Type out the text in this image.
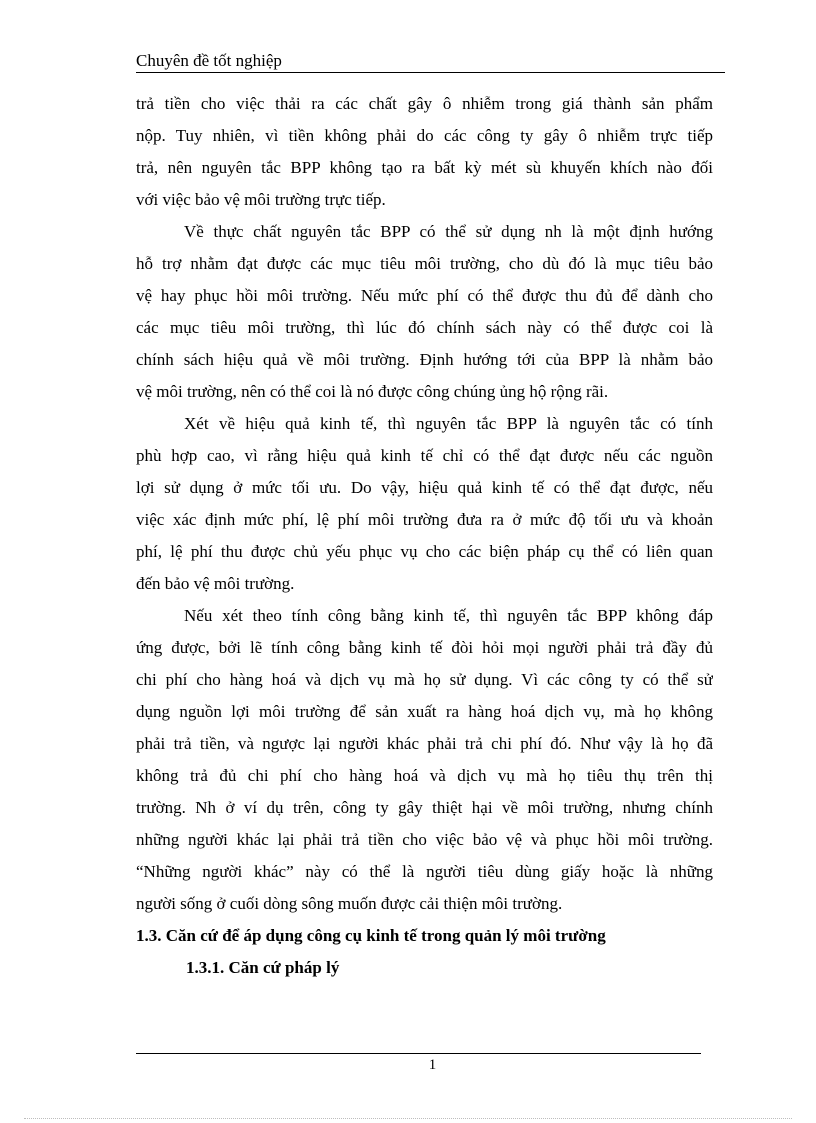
Chuyên đề tốt nghiệp
trả tiền cho việc thải ra các chất gây ô nhiễm trong giá thành sản phẩm
nộp. Tuy nhiên, vì tiền không phải do các công ty gây ô nhiễm trực tiếp
trả, nên nguyên tắc BPP không tạo ra bất kỳ mét sù khuyến khích nào đối
với việc bảo vệ môi trường trực tiếp.
Về thực chất nguyên tắc BPP có thể sử dụng nh là một định hướng
hỗ trợ nhằm đạt được các mục tiêu môi trường, cho dù đó là mục tiêu bảo
vệ hay phục hồi môi trường. Nếu mức phí có thể được thu đủ để dành cho
các mục tiêu môi trường, thì lúc đó chính sách này có thể được coi là
chính sách hiệu quả về môi trường. Định hướng tới của BPP là nhằm bảo
vệ môi trường, nên có thể coi là nó được công chúng ủng hộ rộng rãi.
Xét về hiệu quả kinh tế, thì nguyên tắc BPP là nguyên tắc có tính
phù hợp cao, vì rằng hiệu quả kinh tế chỉ có thể đạt được nếu các nguồn
lợi sử dụng ở mức tối ưu. Do vậy, hiệu quả kinh tế có thể đạt được, nếu
việc xác định mức phí, lệ phí môi trường đưa ra ở mức độ tối ưu và khoản
phí, lệ phí thu được chủ yếu phục vụ cho các biện pháp cụ thể có liên quan
đến bảo vệ môi trường.
Nếu xét theo tính công bằng kinh tế, thì nguyên tắc BPP không đáp
ứng được, bởi lẽ tính công bằng kinh tế đòi hỏi mọi người phải trả đầy đủ
chi phí cho hàng hoá và dịch vụ mà họ sử dụng. Vì các công ty có thể sử
dụng nguồn lợi môi trường để sản xuất ra hàng hoá dịch vụ, mà họ không
phải trả tiền, và ngược lại người khác phải trả chi phí đó. Như vậy là họ đã
không trả đủ chi phí cho hàng hoá và dịch vụ mà họ tiêu thụ trên thị
trường. Nh ở ví dụ trên, công ty gây thiệt hại về môi trường, nhưng chính
những người khác lại phải trả tiền cho việc bảo vệ và phục hồi môi trường.
“Những người khác” này có thể là người tiêu dùng giấy hoặc là những
người sống ở cuối dòng sông muốn được cải thiện môi trường.
1.3. Căn cứ để áp dụng công cụ kinh tế trong quản lý môi trường
1.3.1. Căn cứ pháp lý
1
